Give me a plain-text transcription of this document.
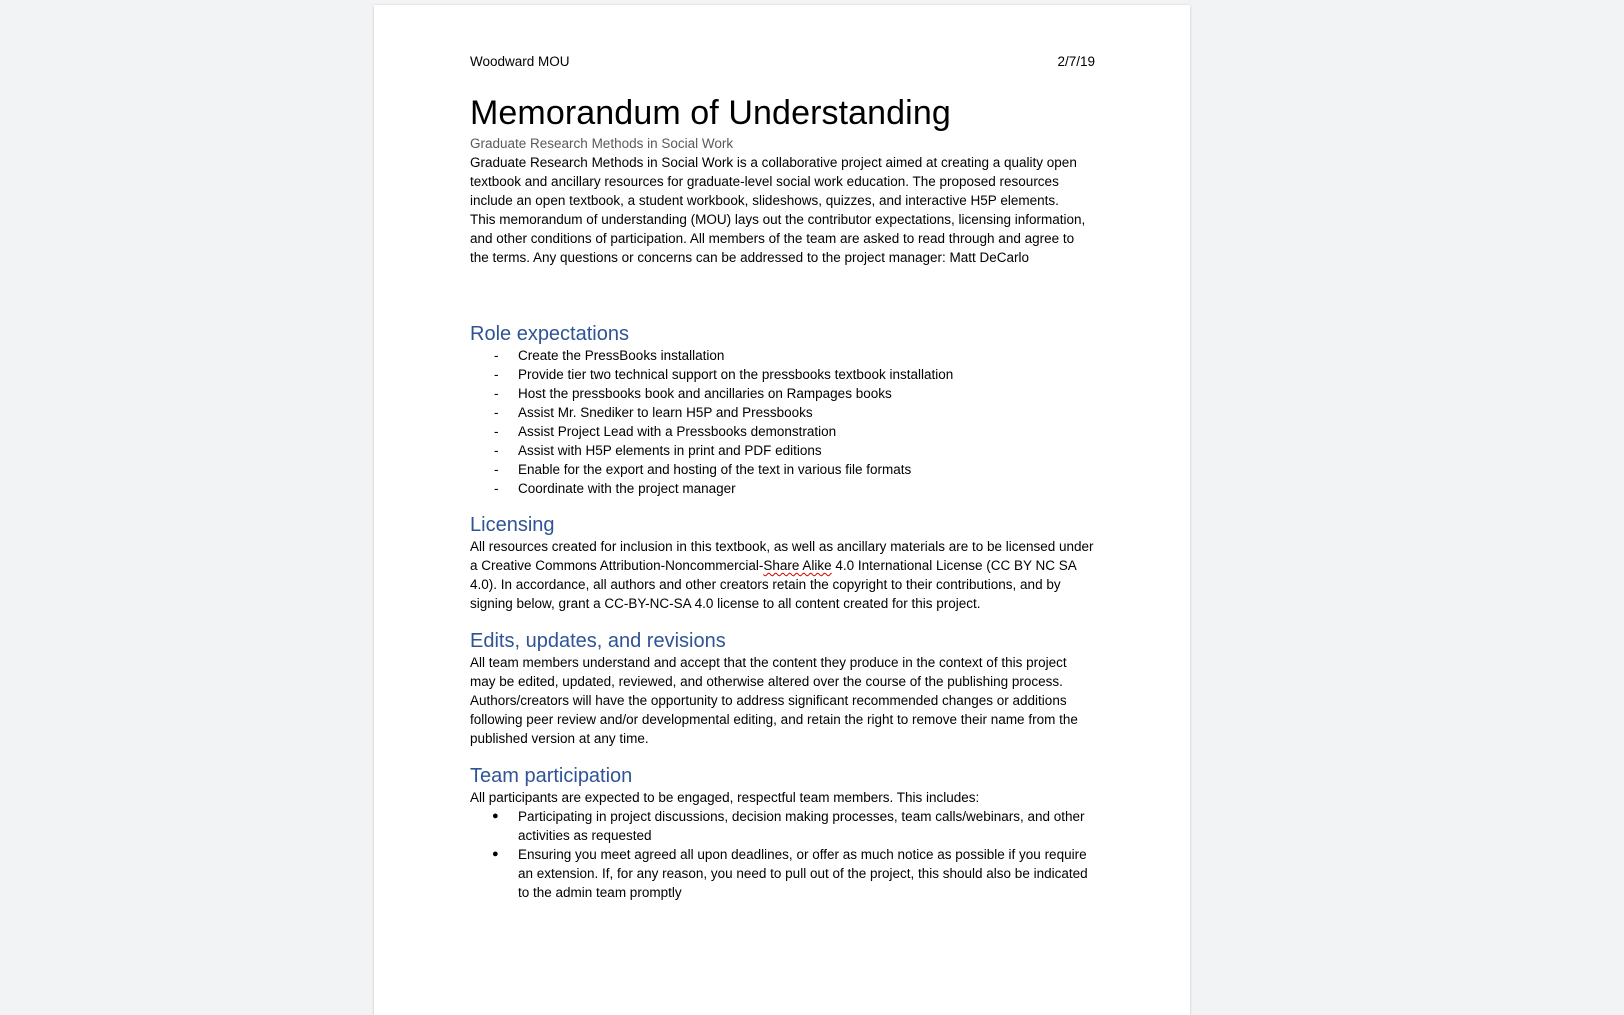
Woodward MOU	2/7/19
Memorandum of Understanding
Graduate Research Methods in Social Work

Graduate Research Methods in Social Work is a collaborative project aimed at creating a quality open textbook and ancillary resources for graduate-level social work education. The proposed resources include an open textbook, a student workbook, slideshows, quizzes, and interactive H5P elements.

This memorandum of understanding (MOU) lays out the contributor expectations, licensing information, and other conditions of participation. All members of the team are asked to read through and agree to the terms. Any questions or concerns can be addressed to the project manager: Matt DeCarlo

Role expectations
- Create the PressBooks installation
- Provide tier two technical support on the pressbooks textbook installation
- Host the pressbooks book and ancillaries on Rampages books
- Assist Mr. Snediker to learn H5P and Pressbooks
- Assist Project Lead with a Pressbooks demonstration
- Assist with H5P elements in print and PDF editions
- Enable for the export and hosting of the text in various file formats
- Coordinate with the project manager
Licensing

All resources created for inclusion in this textbook, as well as ancillary materials are to be licensed under a Creative Commons Attribution-Noncommercial-Share Alike 4.0 International License (CC BY NC SA 4.0). In accordance, all authors and other creators retain the copyright to their contributions, and by signing below, grant a CC-BY-NC-SA 4.0 license to all content created for this project.

Edits, updates, and revisions

All team members understand and accept that the content they produce in the context of this project may be edited, updated, reviewed, and otherwise altered over the course of the publishing process. Authors/creators will have the opportunity to address significant recommended changes or additions following peer review and/or developmental editing, and retain the right to remove their name from the published version at any time.

Team participation

All participants are expected to be engaged, respectful team members. This includes:

● Participating in project discussions, decision making processes, team calls/webinars, and other activities as requested
● Ensuring you meet agreed all upon deadlines, or offer as much notice as possible if you require an extension. If, for any reason, you need to pull out of the project, this should also be indicated to the admin team promptly
